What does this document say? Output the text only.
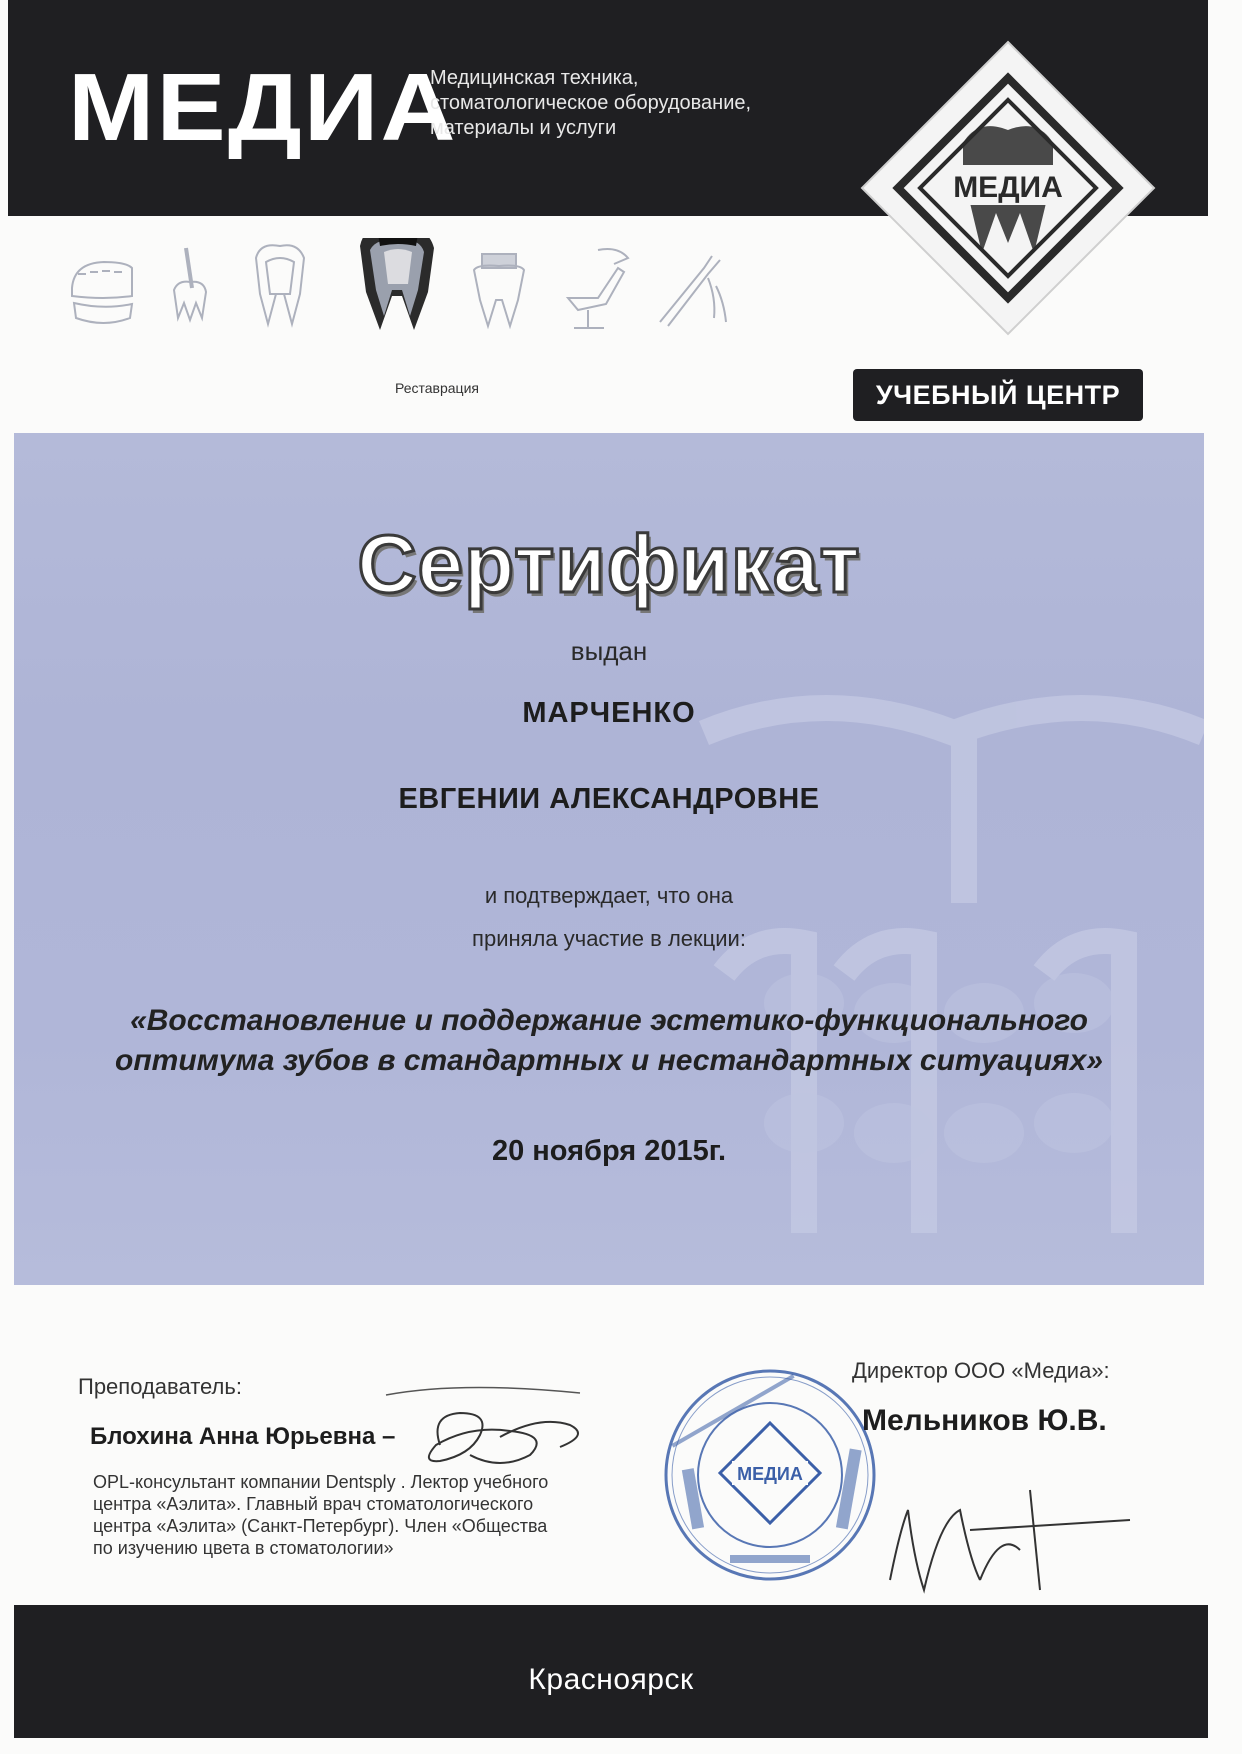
МЕДИА
Медицинская техника,
стоматологическое оборудование,
материалы и услуги
МЕДИА
Реставрация	УЧЕБНЫЙ ЦЕНТР
Сертификат
выдан
МАРЧЕНКО
ЕВГЕНИИ АЛЕКСАНДРОВНЕ
и подтверждает, что она
приняла участие в лекции:
«Восстановление и поддержание эстетико-функционального
оптимума зубов в стандартных и нестандартных ситуациях»
20 ноября 2015г.
Преподаватель:
Блохина Анна Юрьевна –
OPL-консультант компании Dentsply . Лектор учебного
центра «Аэлита». Главный врач стоматологического
центра «Аэлита» (Санкт-Петербург). Член «Общества
по изучению цвета в стоматологии»
МЕДИА
Директор ООО «Медиа»:
Мельников Ю.В.
Красноярск
